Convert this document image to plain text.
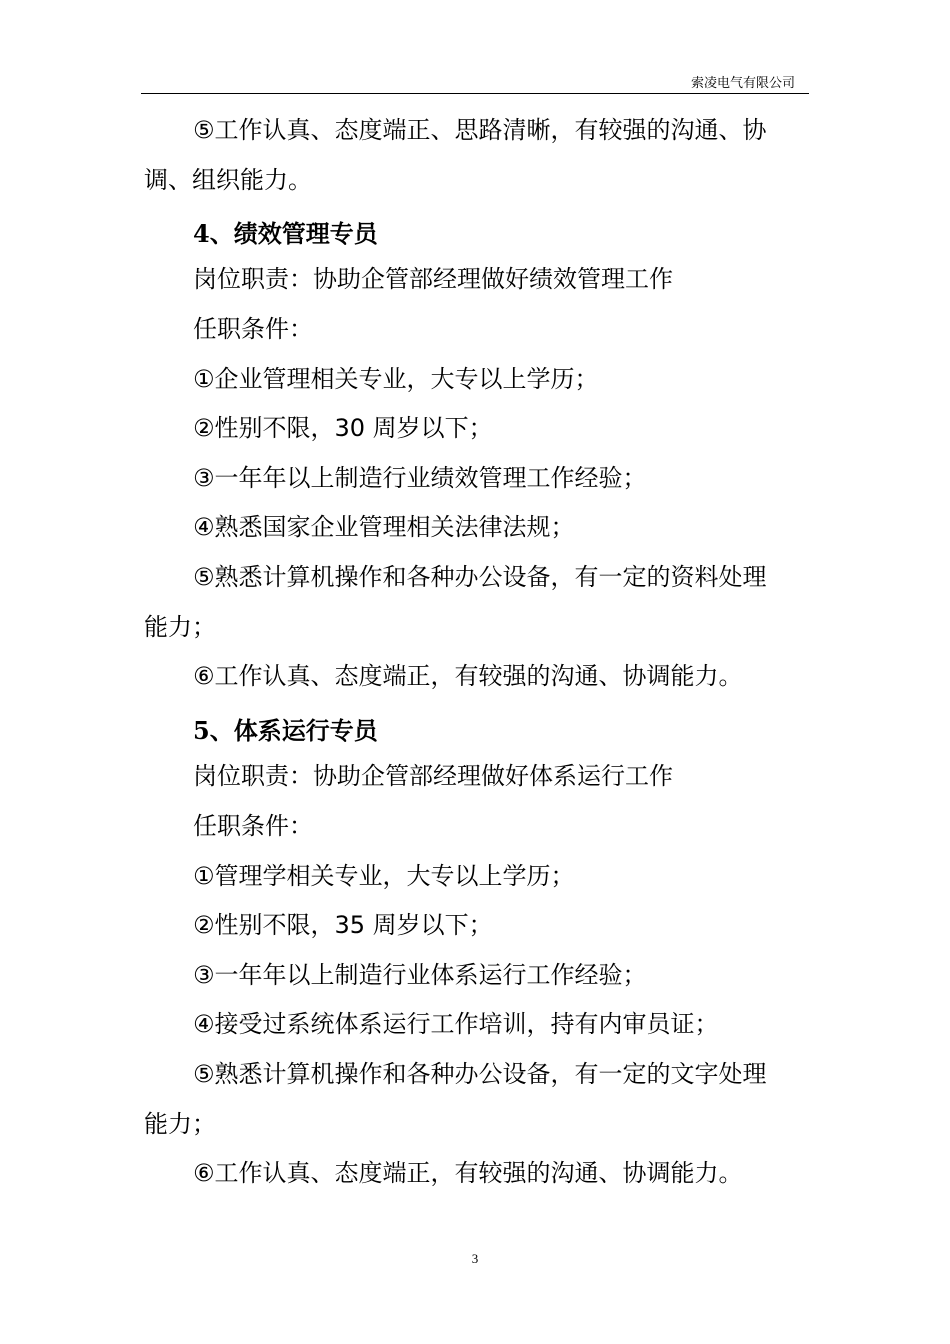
索凌电气有限公司
⑤工作认真、态度端正、思路清晰，有较强的沟通、协
调、组织能力。
4、绩效管理专员
岗位职责：协助企管部经理做好绩效管理工作
任职条件：
①企业管理相关专业，大专以上学历；
②性别不限，30 周岁以下；
③一年年以上制造行业绩效管理工作经验；
④熟悉国家企业管理相关法律法规；
⑤熟悉计算机操作和各种办公设备，有一定的资料处理
能力；
⑥工作认真、态度端正，有较强的沟通、协调能力。
5、体系运行专员
岗位职责：协助企管部经理做好体系运行工作
任职条件：
①管理学相关专业，大专以上学历；
②性别不限，35 周岁以下；
③一年年以上制造行业体系运行工作经验；
④接受过系统体系运行工作培训，持有内审员证；
⑤熟悉计算机操作和各种办公设备，有一定的文字处理
能力；
⑥工作认真、态度端正，有较强的沟通、协调能力。
3
